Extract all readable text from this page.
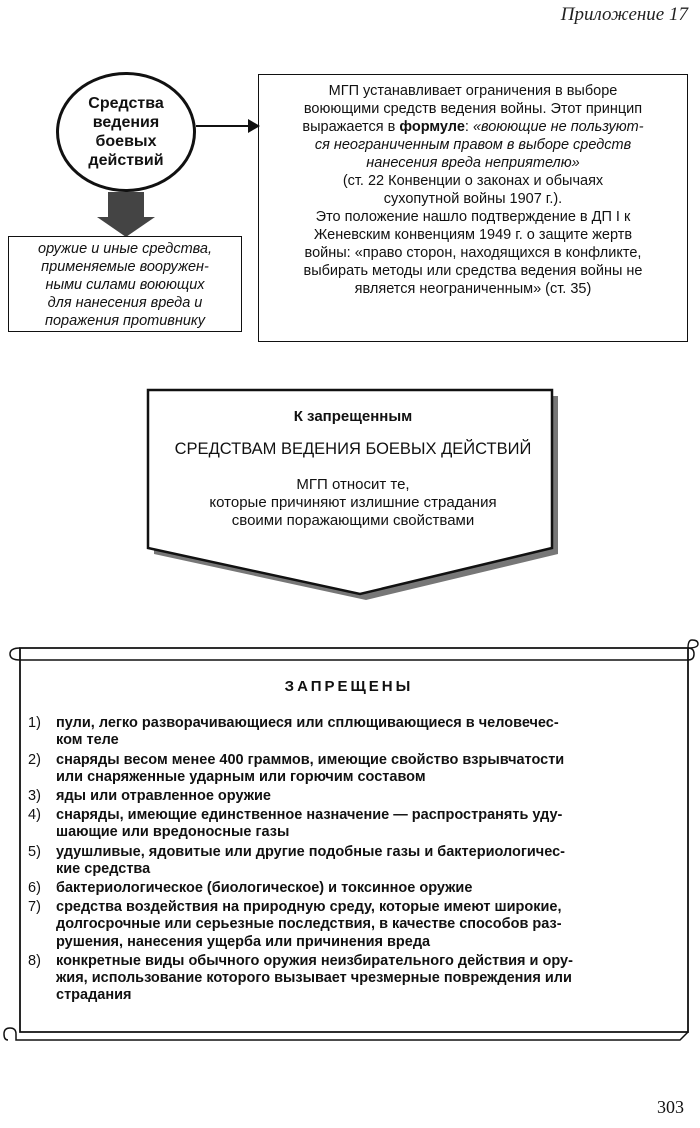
Приложение 17
Средства
ведения
боевых
действий
оружие и иные средства,
применяемые вооружен-
ными силами воюющих
для нанесения вреда и
поражения противнику
МГП устанавливает ограничения в выборе
воюющими средств ведения войны. Этот принцип
выражается в формуле: «воюющие не пользуют-
ся неограниченным правом в выборе средств
нанесения вреда неприятелю»
(ст. 22 Конвенции о законах и обычаях
сухопутной войны 1907 г.).
Это положение нашло подтверждение в ДП I к
Женевским конвенциям 1949 г. о защите жертв
войны: «право сторон, находящихся в конфликте,
выбирать методы или средства ведения войны не
является неограниченным» (ст. 35)
К запрещенным
СРЕДСТВАМ ВЕДЕНИЯ БОЕВЫХ ДЕЙСТВИЙ
МГП относит те,
которые причиняют излишние страдания
своими поражающими свойствами
ЗАПРЕЩЕНЫ
1)	пули, легко разворачивающиеся или сплющивающиеся в человечес-
ком теле
2)	снаряды весом менее 400 граммов, имеющие свойство взрывчатости
или снаряженные ударным или горючим составом
3)	яды или отравленное оружие
4)	снаряды, имеющие единственное назначение — распространять уду-
шающие или вредоносные газы
5)	удушливые, ядовитые или другие подобные газы и бактериологичес-
кие средства
6)	бактериологическое (биологическое) и токсинное оружие
7)	средства воздействия на природную среду, которые имеют широкие,
долгосрочные или серьезные последствия, в качестве способов раз-
рушения, нанесения ущерба или причинения вреда
8)	конкретные виды обычного оружия неизбирательного действия и ору-
жия, использование которого вызывает чрезмерные повреждения или
страдания
303
